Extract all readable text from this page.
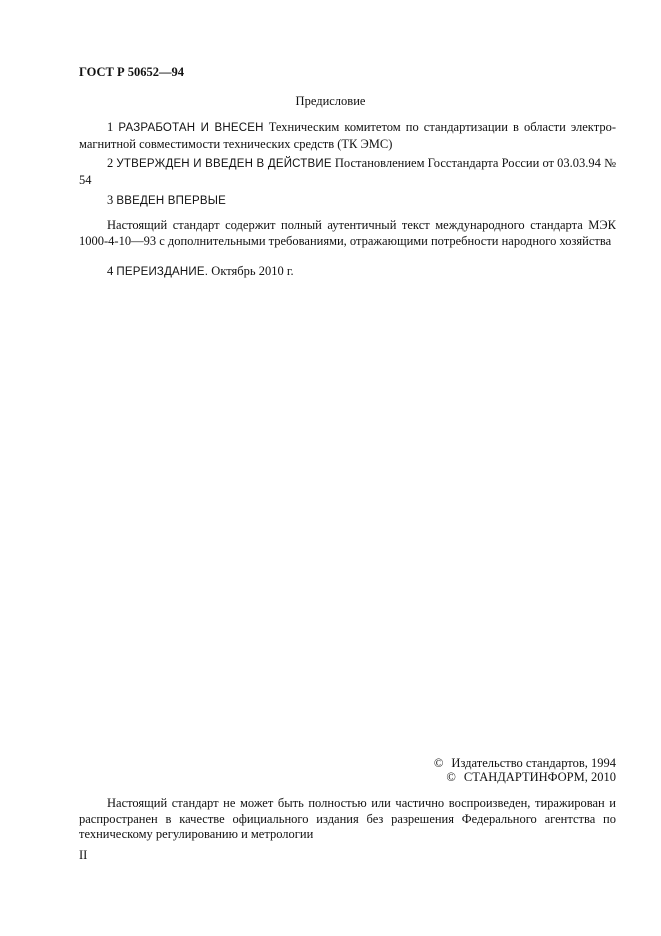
ГОСТ Р 50652—94
Предисловие
1 РАЗРАБОТАН И ВНЕСЕН Техническим комитетом по стандартизации в области электро-магнитной совместимости технических средств (ТК ЭМС)
2 УТВЕРЖДЕН И ВВЕДЕН В ДЕЙСТВИЕ Постановлением Госстандарта России от 03.03.94 № 54
3 ВВЕДЕН ВПЕРВЫЕ
Настоящий стандарт содержит полный аутентичный текст международного стандарта МЭК 1000-4-10—93 с дополнительными требованиями, отражающими потребности народного хозяйства
4 ПЕРЕИЗДАНИЕ. Октябрь 2010 г.
© Издательство стандартов, 1994
© СТАНДАРТИНФОРМ, 2010
Настоящий стандарт не может быть полностью или частично воспроизведен, тиражирован и распространен в качестве официального издания без разрешения Федерального агентства по техническому регулированию и метрологии
II
